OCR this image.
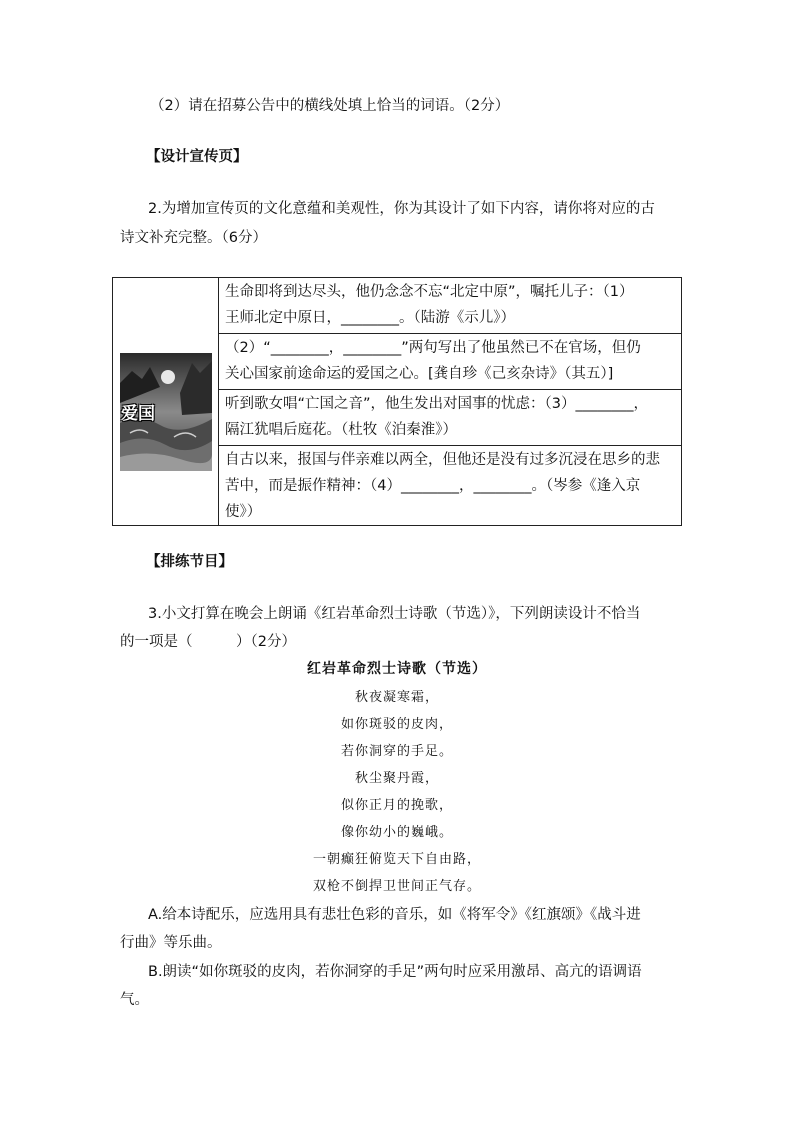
（2）请在招募公告中的横线处填上恰当的词语。（2分）
【设计宣传页】
2.为增加宣传页的文化意蕴和美观性，你为其设计了如下内容，请你将对应的古
诗文补充完整。（6分）
爱国
生命即将到达尽头，他仍念念不忘“北定中原”，嘱托儿子：（1）
王师北定中原日，________。（陆游《示儿》）
（2）“________，________”两句写出了他虽然已不在官场，但仍
关心国家前途命运的爱国之心。[龚自珍《己亥杂诗》（其五）]
听到歌女唱“亡国之音”，他生发出对国事的忧虑：（3）________，
隔江犹唱后庭花。（杜牧《泊秦淮》）
自古以来，报国与伴亲难以两全，但他还是没有过多沉浸在思乡的悲
苦中，而是振作精神：（4）________，________。（岑参《逢入京
使》）
【排练节目】
3.小文打算在晚会上朗诵《红岩革命烈士诗歌（节选）》，下列朗读设计不恰当
的一项是（　　　）（2分）
红岩革命烈士诗歌（节选）
秋夜凝寒霜，
如你斑驳的皮肉，
若你洞穿的手足。
秋尘聚丹霞，
似你正月的挽歌，
像你幼小的巍峨。
一朝癫狂俯览天下自由路，
双枪不倒捍卫世间正气存。
A.给本诗配乐，应选用具有悲壮色彩的音乐，如《将军令》《红旗颂》《战斗进
行曲》等乐曲。
B.朗读“如你斑驳的皮肉，若你洞穿的手足”两句时应采用激昂、高亢的语调语
气。
